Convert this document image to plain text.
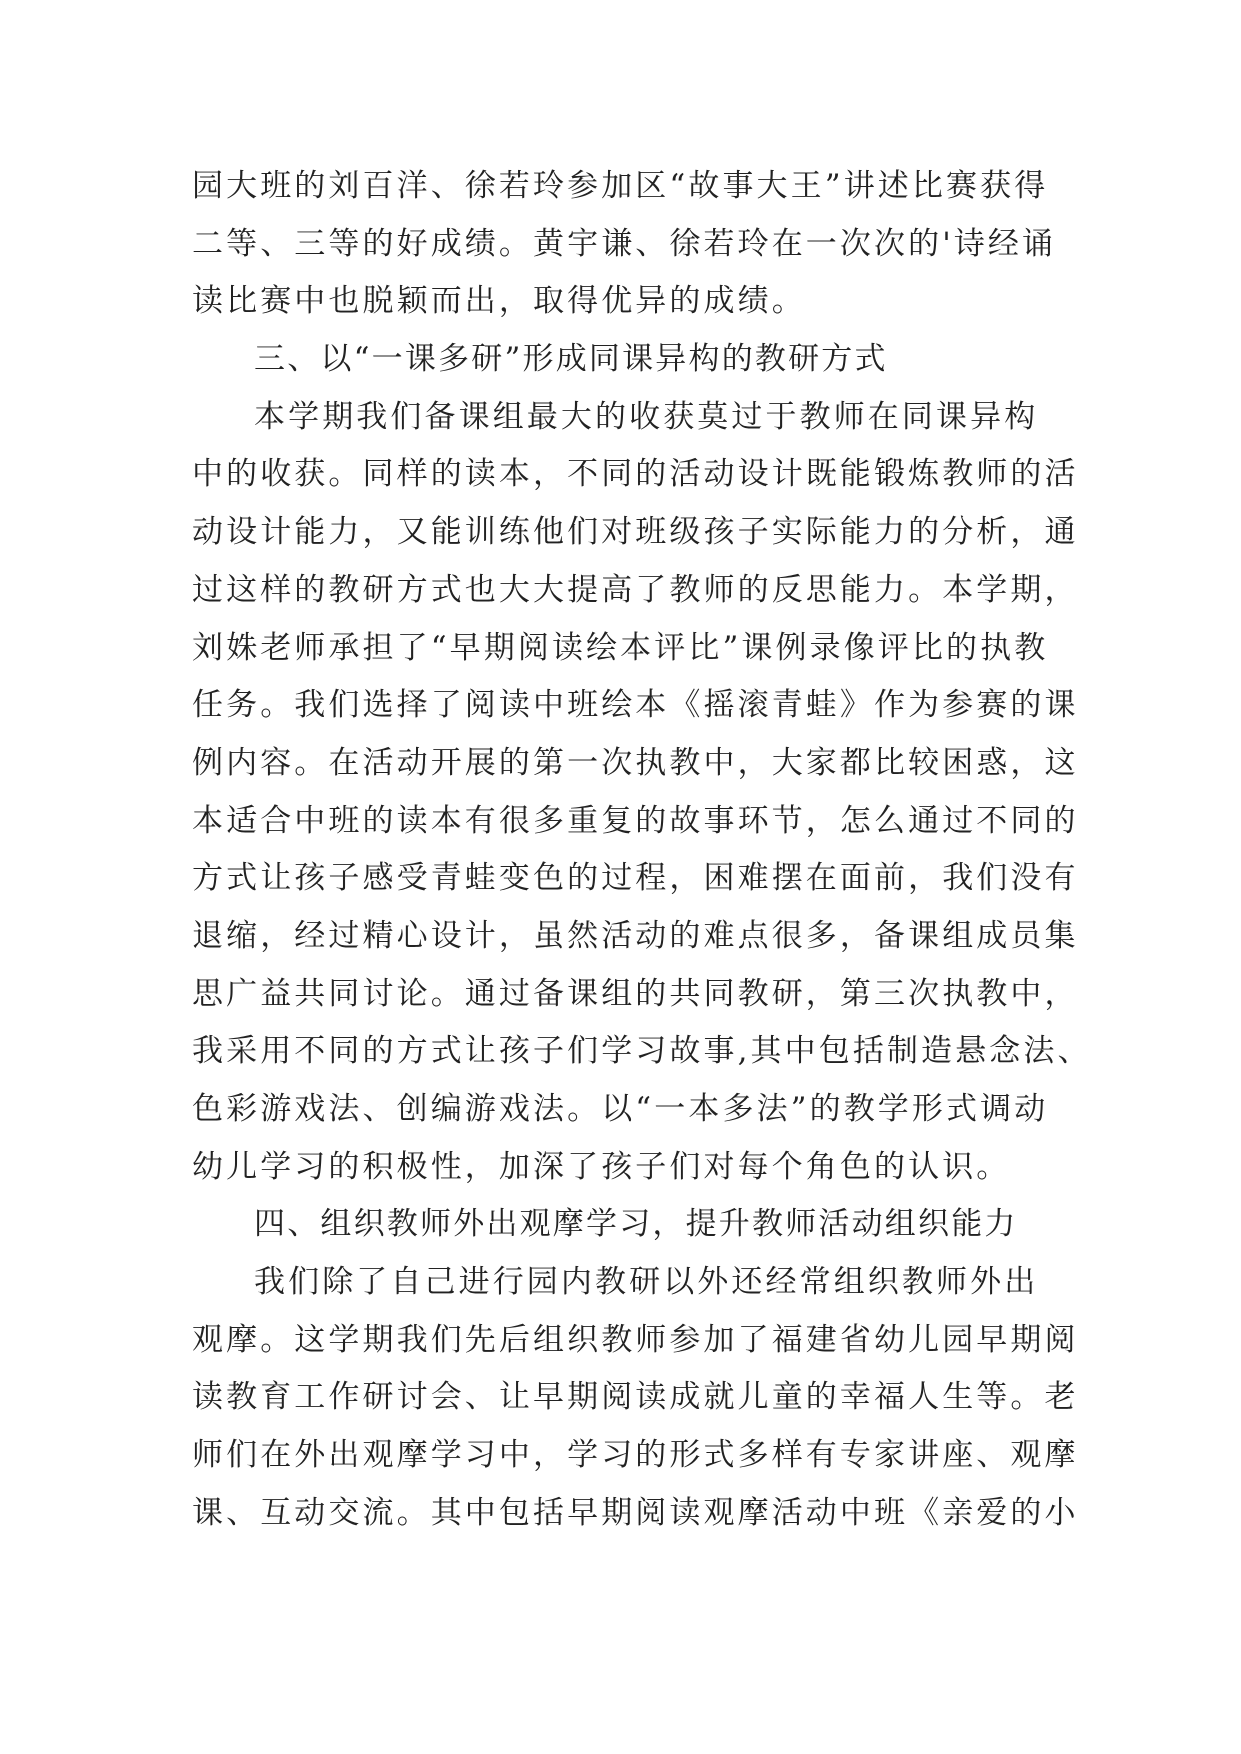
园大班的刘百洋、徐若玲参加区“故事大王”讲述比赛获得
二等、三等的好成绩。黄宇谦、徐若玲在一次次的'诗经诵
读比赛中也脱颖而出，取得优异的成绩。
三、以“一课多研”形成同课异构的教研方式
本学期我们备课组最大的收获莫过于教师在同课异构
中的收获。同样的读本，不同的活动设计既能锻炼教师的活
动设计能力，又能训练他们对班级孩子实际能力的分析，通
过这样的教研方式也大大提高了教师的反思能力。本学期，
刘姝老师承担了“早期阅读绘本评比”课例录像评比的执教
任务。我们选择了阅读中班绘本《摇滚青蛙》作为参赛的课
例内容。在活动开展的第一次执教中，大家都比较困惑，这
本适合中班的读本有很多重复的故事环节，怎么通过不同的
方式让孩子感受青蛙变色的过程，困难摆在面前，我们没有
退缩，经过精心设计，虽然活动的难点很多，备课组成员集
思广益共同讨论。通过备课组的共同教研，第三次执教中，
我采用不同的方式让孩子们学习故事,其中包括制造悬念法、
色彩游戏法、创编游戏法。以“一本多法”的教学形式调动
幼儿学习的积极性，加深了孩子们对每个角色的认识。
四、组织教师外出观摩学习，提升教师活动组织能力
我们除了自己进行园内教研以外还经常组织教师外出
观摩。这学期我们先后组织教师参加了福建省幼儿园早期阅
读教育工作研讨会、让早期阅读成就儿童的幸福人生等。老
师们在外出观摩学习中，学习的形式多样有专家讲座、观摩
课、互动交流。其中包括早期阅读观摩活动中班《亲爱的小
